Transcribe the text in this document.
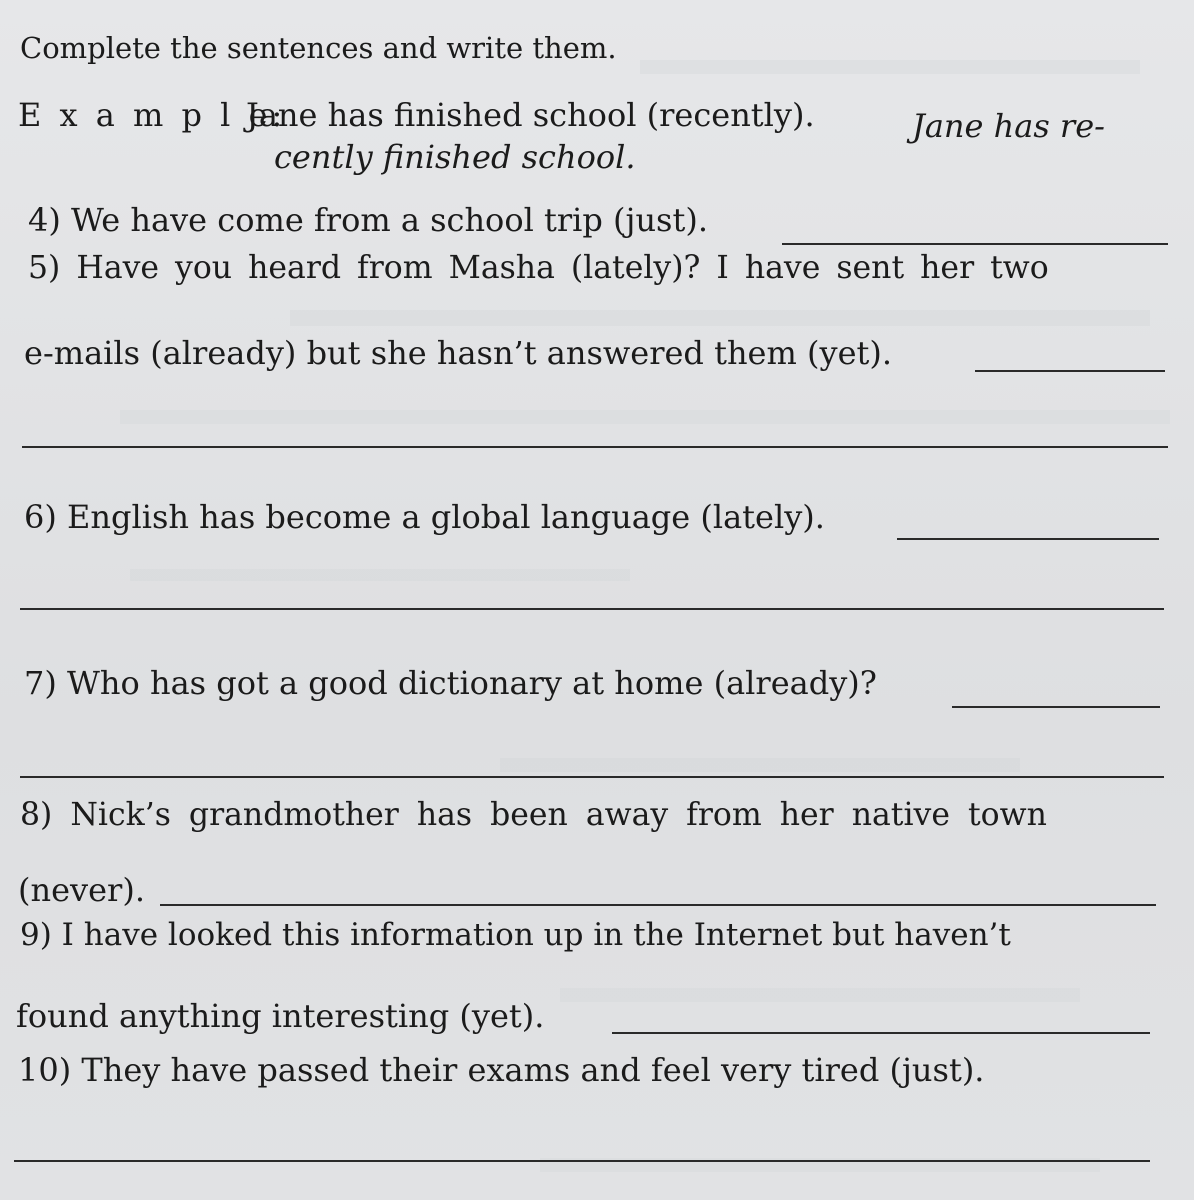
Complete the sentences and write them.
E x a m p l e:
Jane has finished school (recently).	Jane has re-
cently finished school.
4) We have come from a school trip (just).
5) Have you heard from Masha (lately)? I have sent her two
e-mails (already) but she hasn’t answered them (yet).
6) English has become a global language (lately).
7) Who has got a good dictionary at home (already)?
8) Nick’s grandmother has been away from her native town
(never).
9) I have looked this information up in the Internet but haven’t
found anything interesting (yet).
10) They have passed their exams and feel very tired (just).
